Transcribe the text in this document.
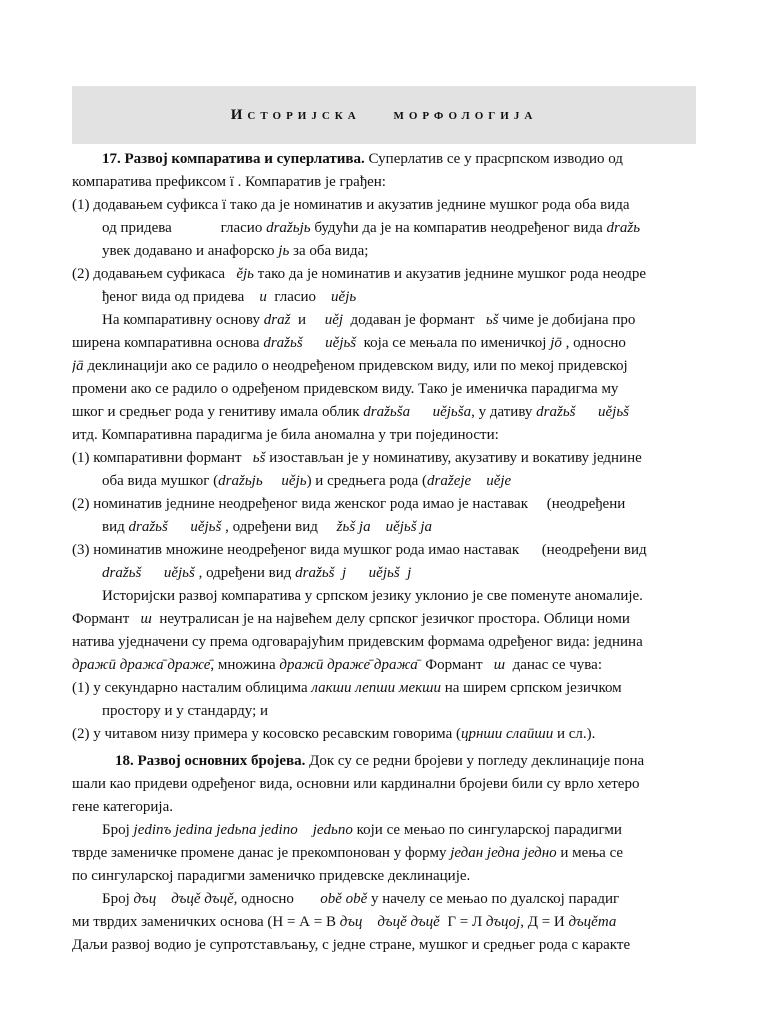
Историјска морфологија
17. Развој компаратива и суперлатива. Суперлатив се у прасрпском изводио од
компаратива префиксом ї . Компаратив је грађен:
(1) додавањем суфикса ї тако да је номинатив и акузатив једнине мушког рода оба вида
од придева	гласио dražьjь будући да је на компаратив неодређеног вида dražь
увек додавано и анафорско jь за оба вида;
(2) додавањем суфикаса ějь тако да је номинатив и акузатив једнине мушког рода неодре
ђеног вида од придева u гласио uějь
На компаративну основу draž и uěj додаван је формант ьš чиме је добијана про
ширена компаративна основа dražьš uějьš која се мењала по именичкој jō , односно
jā деклинацији ако се радило о неодређеном придевском виду, или по мекој придевској
промени ако се радило о одређеном придевском виду. Тако је именичка парадигма му
шког и средњег рода у генитиву имала облик dražьša uějьša, у дативу dražьš uějьš
итд. Компаративна парадигма је била аномална у три појединости:
(1) компаративни формант ьš изостављан је у номинативу, акузативу и вокативу једнине
оба вида мушког (dražьjь uějь) и средњега рода (dražeje uěje
(2) номинатив једнине неодређеног вида женског рода имао је наставак (неодређени
вид dražьš uějьš , одређени вид žьš ja uějьš ja
(3) номинатив множине неодређеног вида мушког рода имао наставак (неодређени вид
dražьš uějьš , одређени вид dražьš j uějьš j
Историјски развој компаратива у српском језику уклонио је све поменуте аномалије.
Формант ш неутралисан је на највећем делу српског језичког простора. Облици номи
натива уједначени су према одговарајућим придевским формама одређеног вида: једнина
дражӣ дража̄ драже̄, множина дражӣ драже̄ дража̄ Формант ш данас се чува:
(1) у секундарно насталим облицима лакши лепши мекши на ширем српском језичком
простору и у стандарду; и
(2) у читавом низу примера у косовско ресавским говорима (црнши слаӣши и сл.).
18. Развој основних бројева. Док су се редни бројеви у погледу деклинације пона
шали као придеви одређеног вида, основни или кардинални бројеви били су врло хетеро
гене категорија.
Број jedinъ jedina jedьna jedino jedьno који се мењао по сингуларској парадигми
тврде заменичке промене данас је прекомпонован у форму један једна једно и мења се
по сингуларској парадигми заменичко придевске деклинације.
Број дъц дъцě дъцě, односно obě obě у начелу се мењао по дуалској парадиг
ми тврдих заменичких основа (Н = А = В дъц дъцě дъцě Г = Л дъцoj, Д = И дъцěта
Даљи развој водио је супротстављању, с једне стране, мушког и средњег рода с каракте
